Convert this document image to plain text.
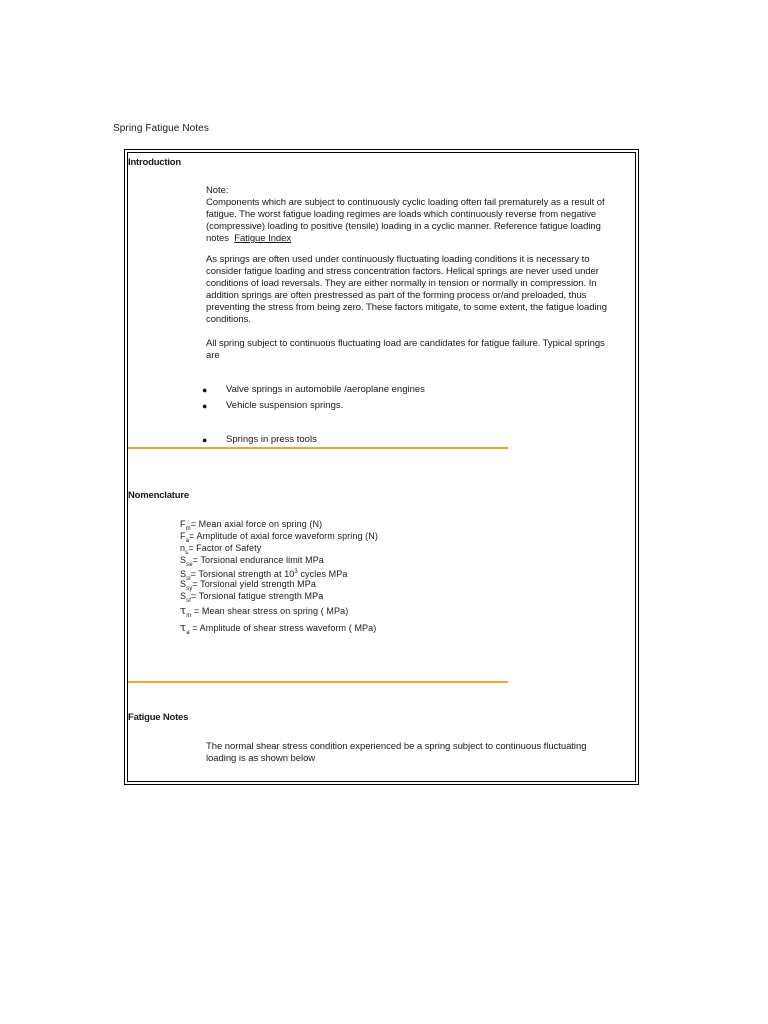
Spring Fatigue Notes
Introduction
Note:
Components which are subject to continuously cyclic loading often fail prematurely as a result of
fatigue. The worst fatigue loading regimes are loads which continuously reverse from negative
(compressive) loading to positive (tensile) loading in a cyclic manner. Reference fatigue loading
notes Fatigue Index
As springs are often used under continuously fluctuating loading conditions it is necessary to
consider fatigue loading and stress concentration factors. Helical springs are never used under
conditions of load reversals. They are either normally in tension or normally in compression. In
addition springs are often prestressed as part of the forming process or/and preloaded, thus
preventing the stress from being zero. These factors mitigate, to some extent, the fatigue loading
conditions.
All spring subject to continuous fluctuating load are candidates for fatigue failure. Typical springs
are
● Valve springs in automobile /aeroplane engines
● Vehicle suspension springs.
● Springs in press tools
Nomenclature
$F_m=$ Mean axial force on spring (N)
$F_a=$ Amplitude of axial force waveform spring (N)
$n_s=$ Factor of Safety
$S_{se}=$ Torsional endurance limit MPa
$S_{sl}=$ Torsional strength at $10^3$ cycles MPa
$S_{sy}=$ Torsional yield strength MPa
$S_{sf}=$ Torsional fatigue strength MPa
$\tau_m$ = Mean shear stress on spring ( MPa)
$\tau_a$ = Amplitude of shear stress waveform ( MPa)
Fatigue Notes
The normal shear stress condition experienced be a spring subject to continuous fluctuating
loading is as shown below
